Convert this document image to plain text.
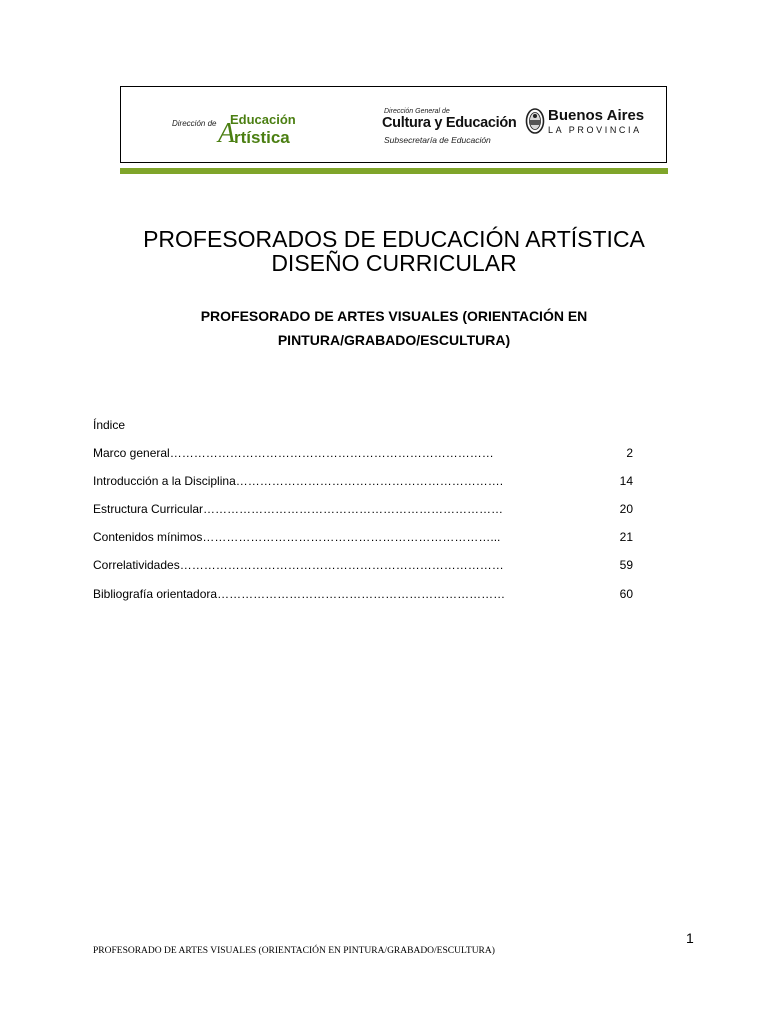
Dirección de Educación
A
rtística
Dirección General de
Cultura y Educación
Subsecretaría de Educación
Buenos Aires
LA PROVINCIA
PROFESORADOS DE EDUCACIÓN ARTÍSTICA
DISEÑO CURRICULAR
PROFESORADO DE ARTES VISUALES (ORIENTACIÓN EN
PINTURA/GRABADO/ESCULTURA)
Índice
Marco general………………………………………………………………………	2
Introducción a la Disciplina………………………………………………………….	14
Estructura Curricular…………………………………………………………………	20
Contenidos mínimos………………………………………………………………...	21
Correlatividades………………………………………………………………………	59
Bibliografía orientadora………………………………………………………………	60
1
PROFESORADO DE ARTES VISUALES (ORIENTACIÓN EN PINTURA/GRABADO/ESCULTURA)
